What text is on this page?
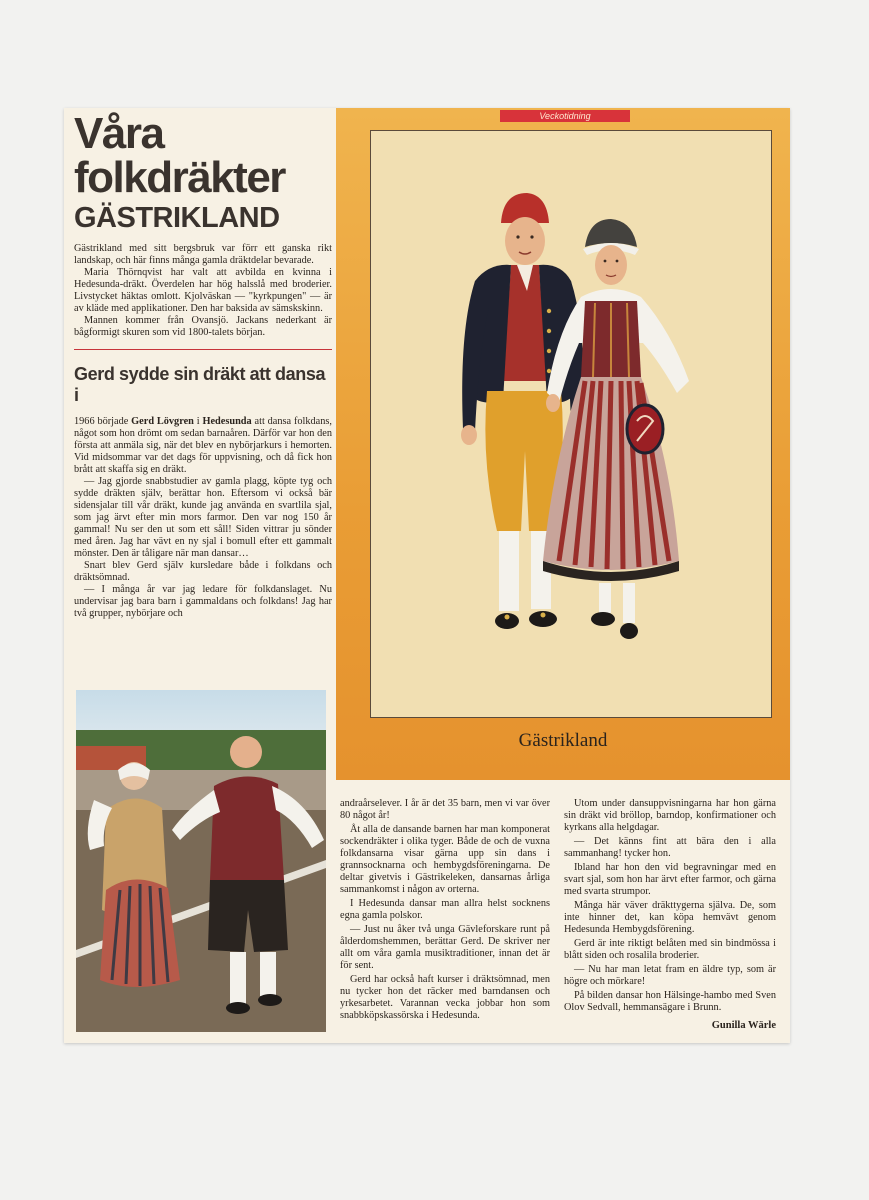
Våra
folkdräkter
GÄSTRIKLAND

Gästrikland med sitt bergsbruk var förr ett ganska rikt landskap, och här finns många gamla dräktdelar bevarade.

Maria Thörnqvist har valt att avbilda en kvinna i Hedesunda-dräkt. Överdelen har hög halsslå med broderier. Livstycket häktas omlott. Kjolväskan — "kyrkpungen" — är av kläde med applikationer. Den har baksida av sämskskinn.

Mannen kommer från Ovansjö. Jackans nederkant är bågformigt skuren som vid 1800-talets början.

Gerd sydde sin dräkt att dansa i

1966 började Gerd Lövgren i Hedesunda att dansa folkdans, något som hon drömt om sedan barnaåren. Därför var hon den första att anmäla sig, när det blev en nybörjarkurs i hemorten. Vid midsommar var det dags för uppvisning, och då fick hon brått att skaffa sig en dräkt.

— Jag gjorde snabbstudier av gamla plagg, köpte tyg och sydde dräkten själv, berättar hon. Eftersom vi också bär sidensjalar till vår dräkt, kunde jag använda en svartlila sjal, som jag ärvt efter min mors farmor. Den var nog 150 år gammal! Nu ser den ut som ett såll! Siden vittrar ju sönder med åren. Jag har vävt en ny sjal i bomull efter ett gammalt mönster. Den är tåligare när man dansar…

Snart blev Gerd själv kursledare både i folkdans och dräktsömnad.

— I många år var jag ledare för folkdanslaget. Nu undervisar jag bara barn i gammaldans och folkdans! Jag har två grupper, nybörjare och

Veckotidning
Gästrikland

andraårselever. I år är det 35 barn, men vi var över 80 något år!

Åt alla de dansande barnen har man komponerat sockendräkter i olika tyger. Både de och de vuxna folkdansarna visar gärna upp sin dans i grannsocknarna och hembygdsföreningarna. De deltar givetvis i Gästrikeleken, dansarnas årliga sammankomst i någon av orterna.

I Hedesunda dansar man allra helst socknens egna gamla polskor.

— Just nu åker två unga Gävleforskare runt på ålderdomshemmen, berättar Gerd. De skriver ner allt om våra gamla musiktraditioner, innan det är för sent.

Gerd har också haft kurser i dräktsömnad, men nu tycker hon det räcker med barndansen och yrkesarbetet. Varannan vecka jobbar hon som snabbköpskassörska i Hedesunda.

Utom under dansuppvisningarna har hon gärna sin dräkt vid bröllop, barndop, konfirmationer och kyrkans alla helgdagar.

— Det känns fint att bära den i alla sammanhang! tycker hon.

Ibland har hon den vid begravningar med en svart sjal, som hon har ärvt efter farmor, och gärna med svarta strumpor.

Många här väver dräkttygerna själva. De, som inte hinner det, kan köpa hemvävt genom Hedesunda Hembygdsförening.

Gerd är inte riktigt belåten med sin bindmössa i blått siden och rosalila broderier.

— Nu har man letat fram en äldre typ, som är högre och mörkare!

På bilden dansar hon Hälsinge-hambo med Sven Olov Sedvall, hemmansägare i Brunn.

Gunilla Wärle
